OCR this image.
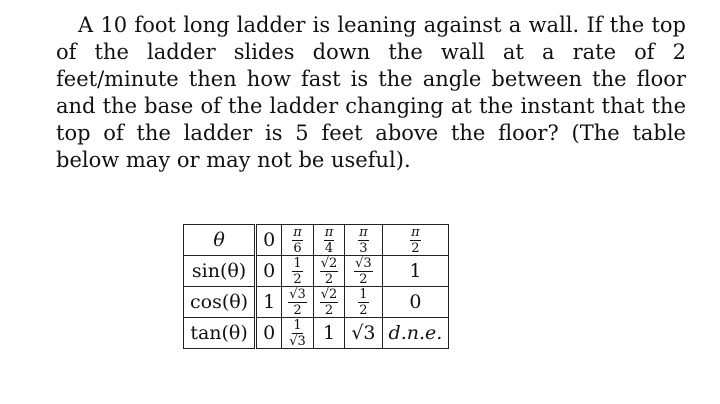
A 10 foot long ladder is leaning against a wall. If the top of the ladder slides down the wall at a rate of 2 feet/minute then how fast is the angle between the floor and the base of the ladder changing at the instant that the top of the ladder is 5 feet above the floor? (The table below may or may not be useful).

θ	0	$\frac{\pi}{6}$	$\frac{\pi}{4}$	$\frac{\pi}{3}$	$\frac{\pi}{2}$

sin(θ)	0	$\frac{1}{2}$	$\frac{√2}{2}$	$\frac{√3}{2}$	1
cos(θ)	1	$\frac{√3}{2}$	$\frac{√2}{2}$	$\frac{1}{2}$	0
tan(θ)	0	$\frac{1}{√3}$	1	√3	d.n.e.
